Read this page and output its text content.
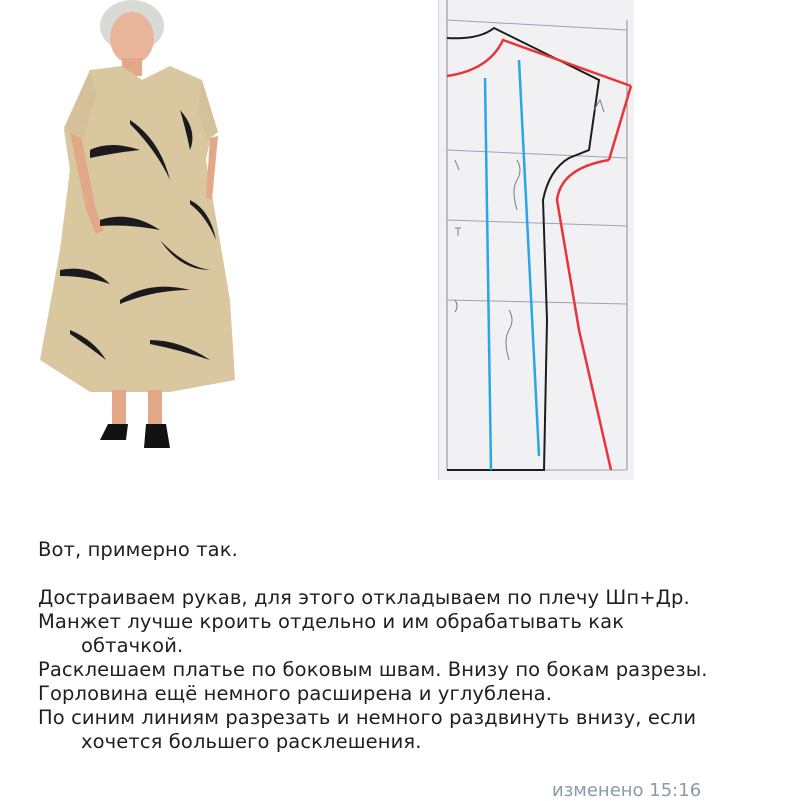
Вот, примерно так.

Достраиваем рукав, для этого откладываем по плечу Шп+Др.

Манжет лучше кроить отдельно и им обрабатывать как

обтачкой.

Расклешаем платье по боковым швам. Внизу по бокам разрезы.

Горловина ещё немного расширена и углублена.

По синим линиям разрезать и немного раздвинуть внизу, если

хочется большего расклешения.

изменено 15:16
